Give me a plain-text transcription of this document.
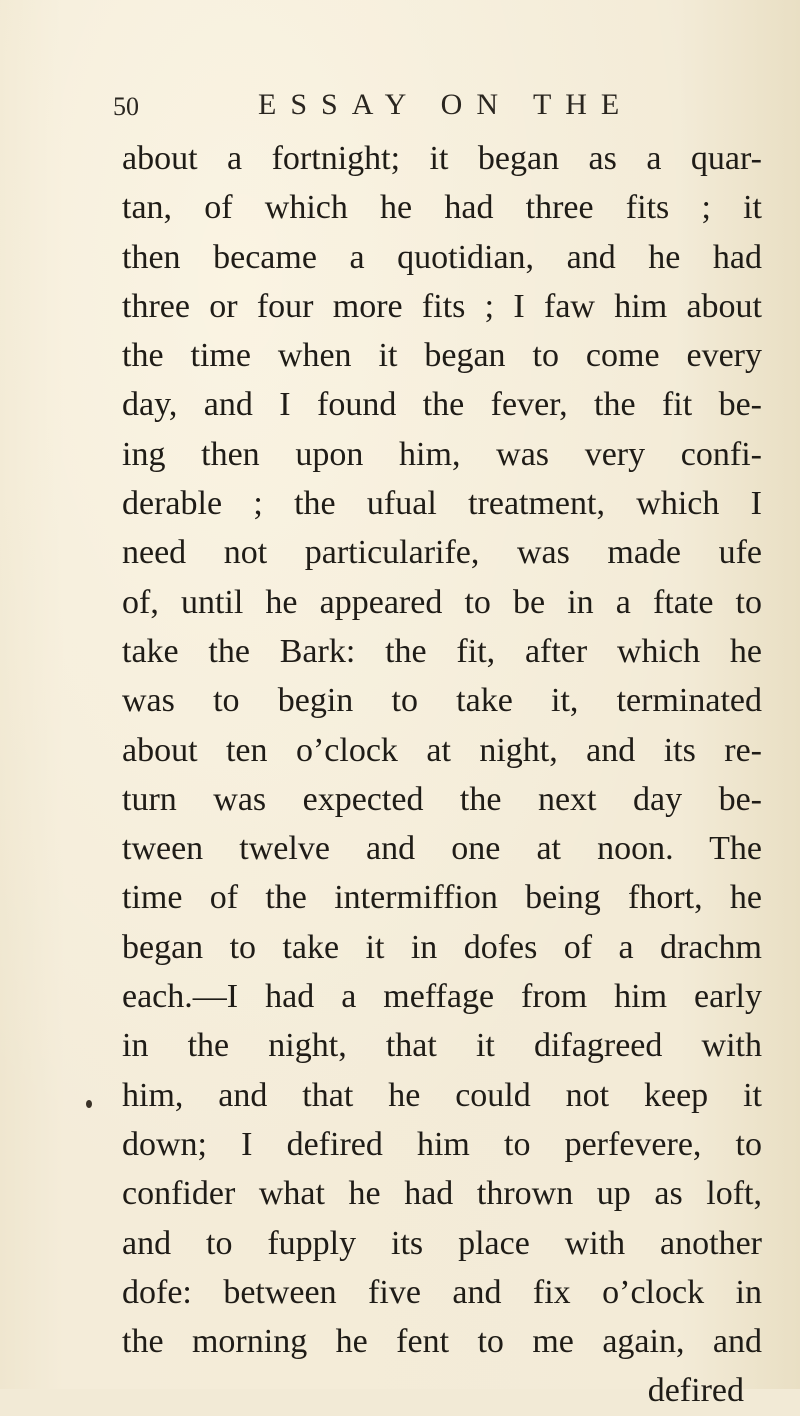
50	ESSAY ON THE
about a fortnight; it began as a quar-
tan, of which he had three fits ; it
then became a quotidian, and he had
three or four more fits ; I faw him about
the time when it began to come every
day, and I found the fever, the fit be-
ing then upon him, was very confi-
derable ; the ufual treatment, which I
need not particularife, was made ufe
of, until he appeared to be in a ftate to
take the Bark: the fit, after which he
was to begin to take it, terminated
about ten o’clock at night, and its re-
turn was expected the next day be-
tween twelve and one at noon. The
time of the intermiffion being fhort, he
began to take it in dofes of a drachm
each.—I had a meffage from him early
in the night, that it difagreed with
him, and that he could not keep it
down; I defired him to perfevere, to
confider what he had thrown up as loft,
and to fupply its place with another
dofe: between five and fix o’clock in
the morning he fent to me again, and
defired
